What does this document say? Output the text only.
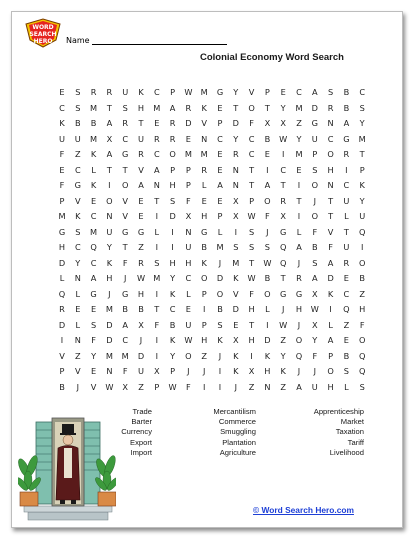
WORD
SEARCH
HERO Name
Colonial Economy Word Search
E	S	R	R	U	K	C	P	W	M	G	Y	V	P	E	C	A	S	B	C
C	S	M	T	S	H	M	A	R	K	E	T	O	T	Y	M	D	R	B	S
K	B	B	A	R	T	E	R	D	V	P	D	F	X	X	Z	G	N	A	Y
U	U	M	X	C	U	R	R	E	N	C	Y	C	B	W	Y	U	C	G	M
F	Z	K	A	G	R	C	O	M	M	E	R	C	E	I	M	P	O	R	T
E	C	L	T	T	V	A	P	P	R	E	N	T	I	C	E	S	H	I	P
F	G	K	I	O	A	N	H	P	L	A	N	T	A	T	I	O	N	C	K
P	V	E	O	V	E	T	S	F	E	E	X	P	O	R	T	J	T	U	Y
M	K	C	N	V	E	I	D	X	H	P	X	W	F	X	I	O	T	L	U
G	S	M	U	G	G	L	I	N	G	L	I	S	J	G	L	F	V	T	Q
H	C	Q	Y	T	Z	I	I	U	B	M	S	S	S	Q	A	B	F	U	I
D	Y	C	K	F	R	S	H	H	K	J	M	T	W	Q	J	S	A	R	O
L	N	A	H	J	W	M	Y	C	O	D	K	W	B	T	R	A	D	E	B
Q	L	G	J	G	H	I	K	L	P	O	V	F	O	G	G	X	K	C	Z
R	E	E	M	B	B	T	C	E	I	B	D	H	L	J	H	W	I	Q	H
D	L	S	D	A	X	F	B	U	P	S	E	T	I	W	J	X	L	Z	F
I	N	F	D	C	J	I	K	W	H	K	X	H	D	Z	O	Y	A	E	O
V	Z	Y	M	M	D	I	Y	O	Z	J	K	I	K	Y	Q	F	P	B	Q
P	V	E	N	F	U	X	P	J	J	I	K	X	H	K	J	J	O	S	Q
B	J	V	W	X	Z	P	W	F	I	I	J	Z	N	Z	A	U	H	L	S
Trade
Barter
Currency
Export
Import
Mercantilism
Commerce
Smuggling
Plantation
Agriculture
Apprenticeship
Market
Taxation
Tariff
Livelihood
© Word Search Hero.com
